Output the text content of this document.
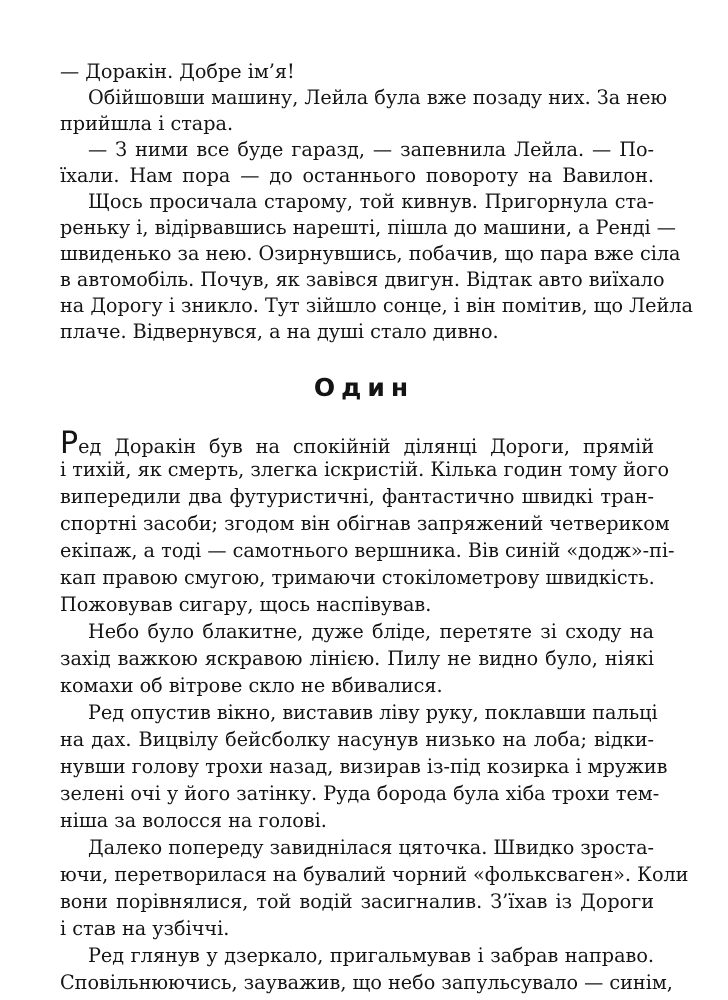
— Доракін. Добре ім’я!
Обійшовши машину, Лейла була вже позаду них. За нею
прийшла і стара.
— З ними все буде гаразд, — запевнила Лейла. — По-
їхали. Нам пора — до останнього повороту на Вавилон.
Щось просичала старому, той кивнув. Пригорнула ста-
реньку і, відірвавшись нарешті, пішла до машини, а Ренді —
швиденько за нею. Озирнувшись, побачив, що пара вже сіла
в автомобіль. Почув, як завівся двигун. Відтак авто виїхало
на Дорогу і зникло. Тут зійшло сонце, і він помітив, що Лейла
плаче. Відвернувся, а на душі стало дивно.
Один
Ред Доракін був на спокійній ділянці Дороги, прямій
і тихій, як смерть, злегка іскристій. Кілька годин тому його
випередили два футуристичні, фантастично швидкі тран-
спортні засоби; згодом він обігнав запряжений четвериком
екіпаж, а тоді — самотнього вершника. Вів синій «додж»-пі-
кап правою смугою, тримаючи стокілометрову швидкість.
Пожовував сигару, щось наспівував.
Небо було блакитне, дуже бліде, перетяте зі сходу на
захід важкою яскравою лінією. Пилу не видно було, ніякі
комахи об вітрове скло не вбивалися.
Ред опустив вікно, виставив ліву руку, поклавши пальці
на дах. Вицвілу бейсболку насунув низько на лоба; відки-
нувши голову трохи назад, визирав із-під козирка і мружив
зелені очі у його затінку. Руда борода була хіба трохи тем-
ніша за волосся на голові.
Далеко попереду завиднілася цяточка. Швидко зроста-
ючи, перетворилася на бувалий чорний «фольксваген». Коли
вони порівнялися, той водій засигналив. З’їхав із Дороги
і став на узбіччі.
Ред глянув у дзеркало, пригальмував і забрав направо.
Сповільнюючись, зауважив, що небо запульсувало — синім,
